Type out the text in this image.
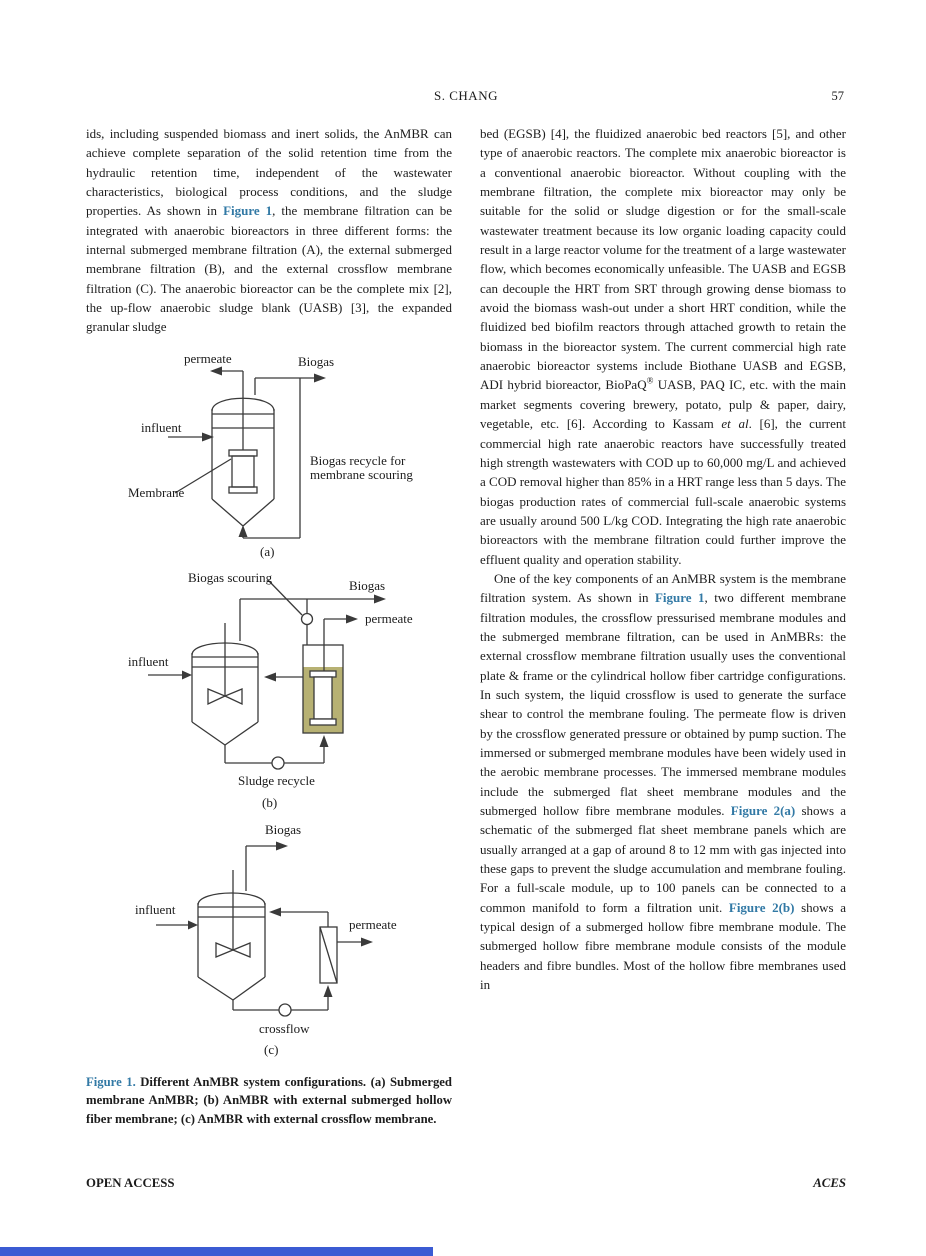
S. CHANG	57

ids, including suspended biomass and inert solids, the AnMBR can achieve complete separation of the solid retention time from the hydraulic retention time, independent of the wastewater characteristics, biological process conditions, and the sludge properties. As shown in Figure 1, the membrane filtration can be integrated with anaerobic bioreactors in three different forms: the internal submerged membrane filtration (A), the external submerged membrane filtration (B), and the external crossflow membrane filtration (C). The anaerobic bioreactor can be the complete mix [2], the up-flow anaerobic sludge blank (UASB) [3], the expanded granular sludge

permeate	Biogas
influent
Membrane
Biogas recycle for
membrane scouring
(a)
Biogas scouring
Biogas
permeate
influent
Sludge recycle
(b)
Biogas
influent
permeate
crossflow
(c)

Figure 1. Different AnMBR system configurations. (a) Submerged membrane AnMBR; (b) AnMBR with external submerged hollow fiber membrane; (c) AnMBR with external crossflow membrane.

bed (EGSB) [4], the fluidized anaerobic bed reactors [5], and other type of anaerobic reactors. The complete mix anaerobic bioreactor is a conventional anaerobic bioreactor. Without coupling with the membrane filtration, the complete mix bioreactor may only be suitable for the solid or sludge digestion or for the small-scale wastewater treatment because its low organic loading capacity could result in a large reactor volume for the treatment of a large wastewater flow, which becomes economically unfeasible. The UASB and EGSB can decouple the HRT from SRT through growing dense biomass to avoid the biomass wash-out under a short HRT condition, while the fluidized bed biofilm reactors through attached growth to retain the biomass in the bioreactor system. The current commercial high rate anaerobic bioreactor systems include Biothane UASB and EGSB, ADI hybrid bioreactor, BioPaQ® UASB, PAQ IC, etc. with the main market segments covering brewery, potato, pulp & paper, dairy, vegetable, etc. [6]. According to Kassam et al. [6], the current commercial high rate anaerobic reactors have successfully treated high strength wastewaters with COD up to 60,000 mg/L and achieved a COD removal higher than 85% in a HRT range less than 5 days. The biogas production rates of commercial full-scale anaerobic systems are usually around 500 L/kg COD. Integrating the high rate anaerobic bioreactors with the membrane filtration could further improve the effluent quality and operation stability.

One of the key components of an AnMBR system is the membrane filtration system. As shown in Figure 1, two different membrane filtration modules, the crossflow pressurised membrane modules and the submerged membrane filtration, can be used in AnMBRs: the external crossflow membrane filtration usually uses the conventional plate & frame or the cylindrical hollow fiber cartridge configurations. In such system, the liquid crossflow is used to generate the surface shear to control the membrane fouling. The permeate flow is driven by the crossflow generated pressure or obtained by pump suction. The immersed or submerged membrane modules have been widely used in the aerobic membrane processes. The immersed membrane modules include the submerged flat sheet membrane modules and the submerged hollow fibre membrane modules. Figure 2(a) shows a schematic of the submerged flat sheet membrane panels which are usually arranged at a gap of around 8 to 12 mm with gas injected into these gaps to prevent the sludge accumulation and membrane fouling. For a full-scale module, up to 100 panels can be connected to a common manifold to form a filtration unit. Figure 2(b) shows a typical design of a submerged hollow fibre membrane module. The submerged hollow fibre membrane module consists of the module headers and fibre bundles. Most of the hollow fibre membranes used in

OPEN ACCESS	ACES
